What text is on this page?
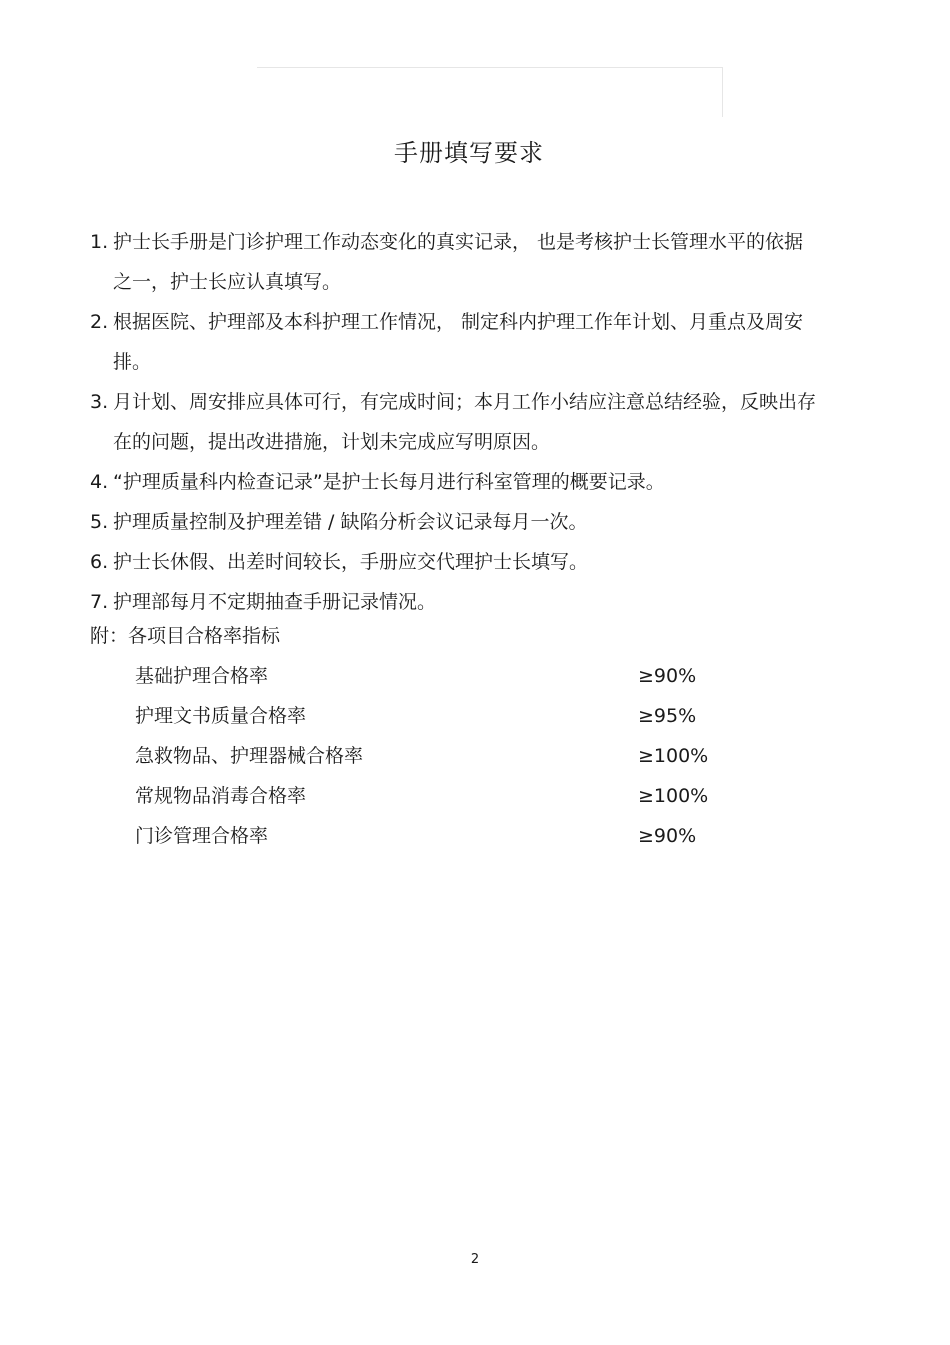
手册填写要求
1. 护士长手册是门诊护理工作动态变化的真实记录， 也是考核护士长管理水平的依据之一，护士长应认真填写。
2. 根据医院、护理部及本科护理工作情况， 制定科内护理工作年计划、月重点及周安排。
3. 月计划、周安排应具体可行，有完成时间；本月工作小结应注意总结经验，反映出存在的问题，提出改进措施，计划未完成应写明原因。
4. “护理质量科内检查记录”是护士长每月进行科室管理的概要记录。
5. 护理质量控制及护理差错 / 缺陷分析会议记录每月一次。
6. 护士长休假、出差时间较长，手册应交代理护士长填写。
7. 护理部每月不定期抽查手册记录情况。
附：各项目合格率指标
基础护理合格率	≥90%
护理文书质量合格率	≥95%
急救物品、护理器械合格率	≥100%
常规物品消毒合格率	≥100%
门诊管理合格率	≥90%
2
